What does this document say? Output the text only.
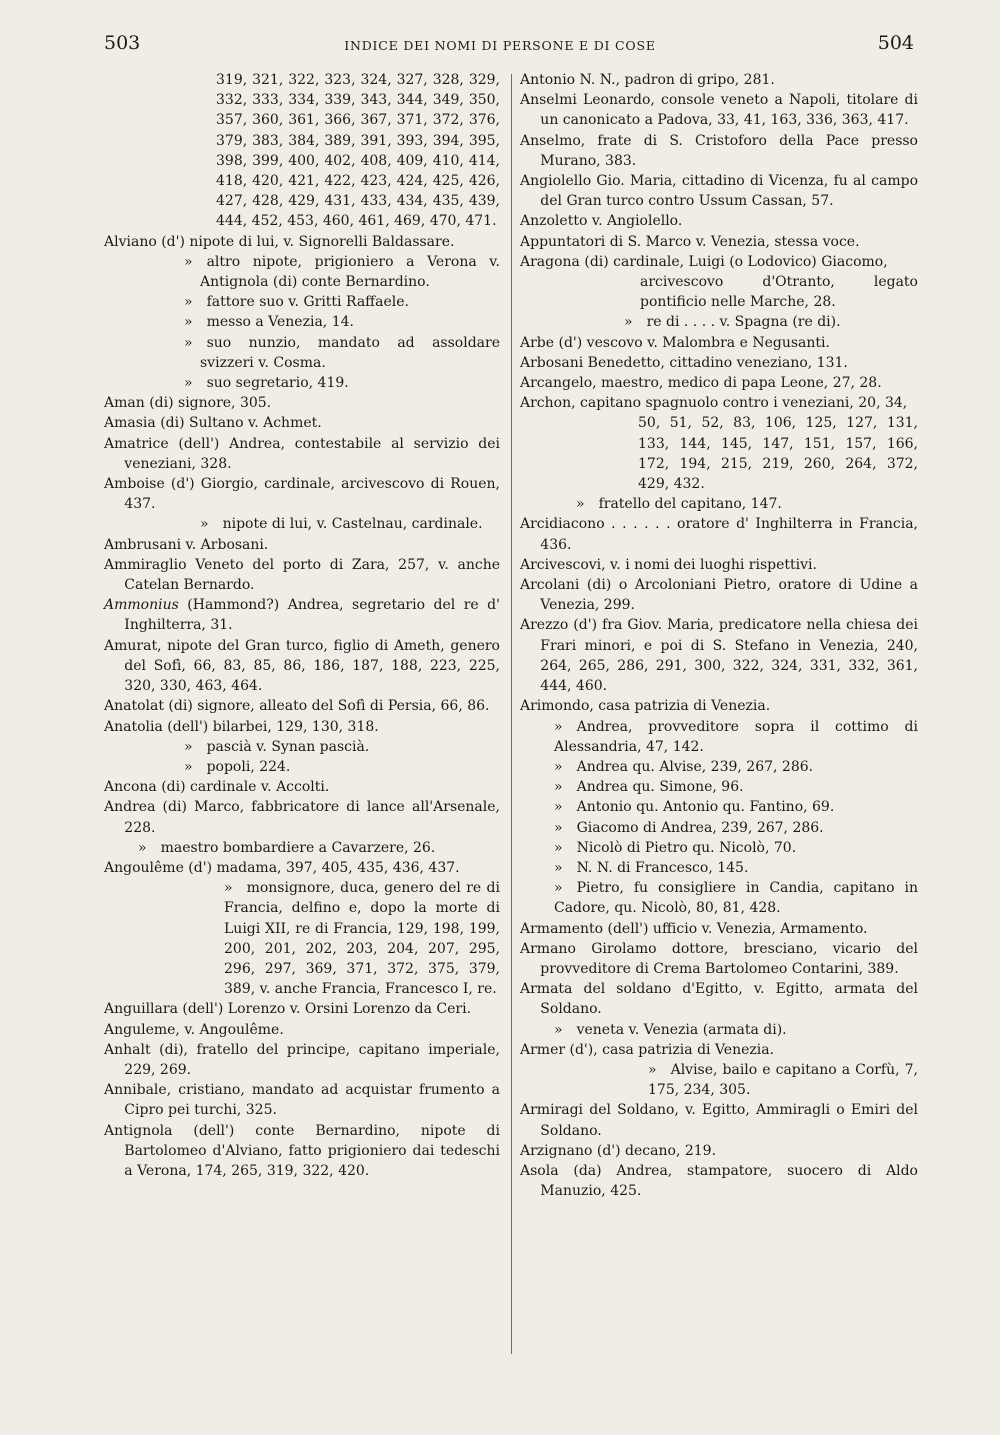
503	INDICE DEI NOMI DI PERSONE E DI COSE	504

319, 321, 322, 323, 324, 327, 328, 329, 332, 333, 334, 339, 343, 344, 349, 350, 357, 360, 361, 366, 367, 371, 372, 376, 379, 383, 384, 389, 391, 393, 394, 395, 398, 399, 400, 402, 408, 409, 410, 414, 418, 420, 421, 422, 423, 424, 425, 426, 427, 428, 429, 431, 433, 434, 435, 439, 444, 452, 453, 460, 461, 469, 470, 471.

Alviano (d') nipote di lui, v. Signorelli Baldassare.

» altro nipote, prigioniero a Verona v. Antignola (di) conte Bernardino.

» fattore suo v. Gritti Raffaele.

» messo a Venezia, 14.

» suo nunzio, mandato ad assoldare svizzeri v. Cosma.

» suo segretario, 419.

Aman (di) signore, 305.

Amasia (di) Sultano v. Achmet.

Amatrice (dell') Andrea, contestabile al servizio dei veneziani, 328.

Amboise (d') Giorgio, cardinale, arcivescovo di Rouen, 437.

» nipote di lui, v. Castelnau, cardinale.

Ambrusani v. Arbosani.

Ammiraglio Veneto del porto di Zara, 257, v. anche Catelan Bernardo.

Ammonius (Hammond?) Andrea, segretario del re d' Inghilterra, 31.

Amurat, nipote del Gran turco, figlio di Ameth, genero del Sofì, 66, 83, 85, 86, 186, 187, 188, 223, 225, 320, 330, 463, 464.

Anatolat (di) signore, alleato del Sofì di Persia, 66, 86.

Anatolia (dell') bilarbei, 129, 130, 318.

» pascià v. Synan pascià.

» popoli, 224.

Ancona (di) cardinale v. Accolti.

Andrea (di) Marco, fabbricatore di lance all'Arsenale, 228.

» maestro bombardiere a Cavarzere, 26.

Angoulême (d') madama, 397, 405, 435, 436, 437.

» monsignore, duca, genero del re di Francia, delfino e, dopo la morte di Luigi XII, re di Francia, 129, 198, 199, 200, 201, 202, 203, 204, 207, 295, 296, 297, 369, 371, 372, 375, 379, 389, v. anche Francia, Francesco I, re.

Anguillara (dell') Lorenzo v. Orsini Lorenzo da Ceri.

Anguleme, v. Angoulême.

Anhalt (di), fratello del principe, capitano imperiale, 229, 269.

Annibale, cristiano, mandato ad acquistar frumento a Cipro pei turchi, 325.

Antignola (dell') conte Bernardino, nipote di Bartolomeo d'Alviano, fatto prigioniero dai tedeschi a Verona, 174, 265, 319, 322, 420.

Antonio N. N., padron di gripo, 281.

Anselmi Leonardo, console veneto a Napoli, titolare di un canonicato a Padova, 33, 41, 163, 336, 363, 417.

Anselmo, frate di S. Cristoforo della Pace presso Murano, 383.

Angiolello Gio. Maria, cittadino di Vicenza, fu al campo del Gran turco contro Ussum Cassan, 57.

Anzoletto v. Angiolello.

Appuntatori di S. Marco v. Venezia, stessa voce.

Aragona (di) cardinale, Luigi (o Lodovico) Giacomo,

arcivescovo d'Otranto, legato pontificio nelle Marche, 28.

» re di . . . . v. Spagna (re di).

Arbe (d') vescovo v. Malombra e Negusanti.

Arbosani Benedetto, cittadino veneziano, 131.

Arcangelo, maestro, medico di papa Leone, 27, 28.

Archon, capitano spagnuolo contro i veneziani, 20, 34,

50, 51, 52, 83, 106, 125, 127, 131, 133, 144, 145, 147, 151, 157, 166, 172, 194, 215, 219, 260, 264, 372, 429, 432.

» fratello del capitano, 147.

Arcidiacono . . . . . . oratore d' Inghilterra in Francia, 436.

Arcivescovi, v. i nomi dei luoghi rispettivi.

Arcolani (di) o Arcoloniani Pietro, oratore di Udine a Venezia, 299.

Arezzo (d') fra Giov. Maria, predicatore nella chiesa dei Frari minori, e poi di S. Stefano in Venezia, 240, 264, 265, 286, 291, 300, 322, 324, 331, 332, 361, 444, 460.

Arimondo, casa patrizia di Venezia.

» Andrea, provveditore sopra il cottimo di Alessandria, 47, 142.

» Andrea qu. Alvise, 239, 267, 286.

» Andrea qu. Simone, 96.

» Antonio qu. Antonio qu. Fantino, 69.

» Giacomo di Andrea, 239, 267, 286.

» Nicolò di Pietro qu. Nicolò, 70.

» N. N. di Francesco, 145.

» Pietro, fu consigliere in Candia, capitano in Cadore, qu. Nicolò, 80, 81, 428.

Armamento (dell') ufficio v. Venezia, Armamento.

Armano Girolamo dottore, bresciano, vicario del provveditore di Crema Bartolomeo Contarini, 389.

Armata del soldano d'Egitto, v. Egitto, armata del Soldano.

» veneta v. Venezia (armata di).

Armer (d'), casa patrizia di Venezia.

» Alvise, bailo e capitano a Corfù, 7, 175, 234, 305.

Armiragi del Soldano, v. Egitto, Ammiragli o Emiri del Soldano.

Arzignano (d') decano, 219.

Asola (da) Andrea, stampatore, suocero di Aldo Manuzio, 425.
